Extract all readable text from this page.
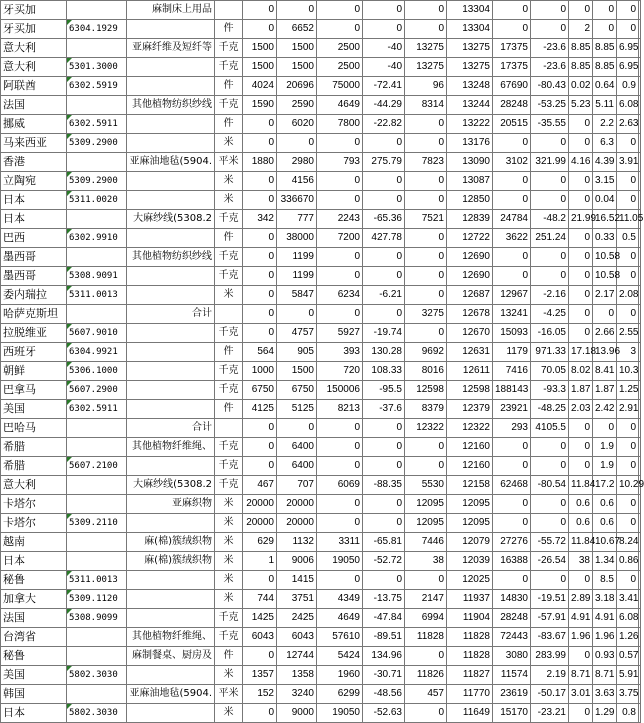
牙买加		麻制床上用品		0	0	0	0	0	13304	0	0	0	0	0	
牙买加	6304.1929		件	0	6652	0	0	0	13304	0	0	2	0	0	
意大利		亚麻纤维及短纤等	千克	1500	1500	2500	-40	13275	13275	17375	-23.6	8.85	8.85	6.95	
意大利	5301.3000		千克	1500	1500	2500	-40	13275	13275	17375	-23.6	8.85	8.85	6.95	
阿联酋	6302.5919		件	4024	20696	75000	-72.41	96	13248	67690	-80.43	0.02	0.64	0.9	
法国		其他植物纺织纱线	千克	1590	2590	4649	-44.29	8314	13244	28248	-53.25	5.23	5.11	6.08	
挪威	6302.5911		件	0	6020	7800	-22.82	0	13222	20515	-35.55	0	2.2	2.63	
马来西亚	5309.2900		米	0	0	0	0	0	13176	0	0	0	6.3	0	
香港		亚麻油地毡(5904.	平米	1880	2980	793	275.79	7823	13090	3102	321.99	4.16	4.39	3.91	
立陶宛	5309.2900		米	0	4156	0	0	0	13087	0	0	0	3.15	0	
日本	5311.0020		米	0	336670	0	0	0	12850	0	0	0	0.04	0	
日本		大麻纱线(5308.2	千克	342	777	2243	-65.36	7521	12839	24784	-48.2	21.99	16.52	11.05	
巴西	6302.9910		件	0	38000	7200	427.78	0	12722	3622	251.24	0	0.33	0.5	
墨西哥		其他植物纺织纱线	千克	0	1199	0	0	0	12690	0	0	0	10.58	0	
墨西哥	5308.9091		千克	0	1199	0	0	0	12690	0	0	0	10.58	0	
委内瑞拉	5311.0013		米	0	5847	6234	-6.21	0	12687	12967	-2.16	0	2.17	2.08	
哈萨克斯坦		合计		0	0	0	0	3275	12678	13241	-4.25	0	0	0	
拉脱维亚	5607.9010		千克	0	4757	5927	-19.74	0	12670	15093	-16.05	0	2.66	2.55	
西班牙	6304.9921		件	564	905	393	130.28	9692	12631	1179	971.33	17.18	13.96	3	
朝鲜	5306.1000		千克	1000	1500	720	108.33	8016	12611	7416	70.05	8.02	8.41	10.3	
巴拿马	5607.2900		千克	6750	6750	150006	-95.5	12598	12598	188143	-93.3	1.87	1.87	1.25	
美国	6302.5911		件	4125	5125	8213	-37.6	8379	12379	23921	-48.25	2.03	2.42	2.91	
巴哈马		合计		0	0	0	0	12322	12322	293	4105.5	0	0	0	
希腊		其他植物纤维绳、	千克	0	6400	0	0	0	12160	0	0	0	1.9	0	
希腊	5607.2100		千克	0	6400	0	0	0	12160	0	0	0	1.9	0	
意大利		大麻纱线(5308.2	千克	467	707	6069	-88.35	5530	12158	62468	-80.54	11.84	17.2	10.29	
卡塔尔		亚麻织物	米	20000	20000	0	0	12095	12095	0	0	0.6	0.6	0	
卡塔尔	5309.2110		米	20000	20000	0	0	12095	12095	0	0	0.6	0.6	0	
越南		麻(棉)簇绒织物	米	629	1132	3311	-65.81	7446	12079	27276	-55.72	11.84	10.67	8.24	
日本		麻(棉)簇绒织物	米	1	9006	19050	-52.72	38	12039	16388	-26.54	38	1.34	0.86	
秘鲁	5311.0013		米	0	1415	0	0	0	12025	0	0	0	8.5	0	
加拿大	5309.1120		米	744	3751	4349	-13.75	2147	11937	14830	-19.51	2.89	3.18	3.41	
法国	5308.9099		千克	1425	2425	4649	-47.84	6994	11904	28248	-57.91	4.91	4.91	6.08	
台湾省		其他植物纤维绳、	千克	6043	6043	57610	-89.51	11828	11828	72443	-83.67	1.96	1.96	1.26	
秘鲁		麻制餐桌、厨房及	件	0	12744	5424	134.96	0	11828	3080	283.99	0	0.93	0.57	
美国	5802.3030		米	1357	1358	1960	-30.71	11826	11827	11574	2.19	8.71	8.71	5.91	
韩国		亚麻油地毡(5904.	平米	152	3240	6299	-48.56	457	11770	23619	-50.17	3.01	3.63	3.75	
日本	5802.3030		米	0	9000	19050	-52.63	0	11649	15170	-23.21	0	1.29	0.8	
